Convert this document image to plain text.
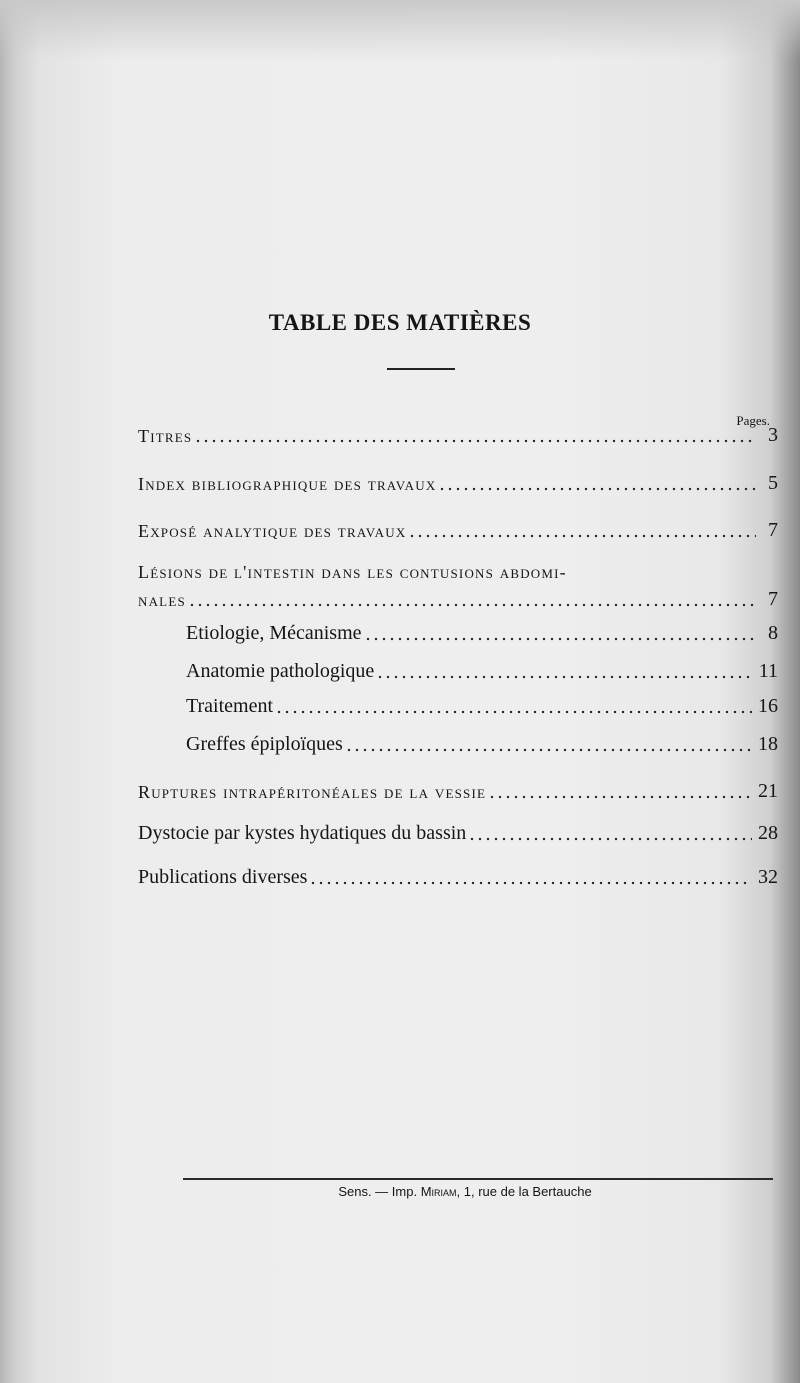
TABLE DES MATIÈRES
Pages.
Titres	3
Index bibliographique des travaux	5
Exposé analytique des travaux	7
Lésions de l'intestin dans les contusions abdomi-
nales	7
Etiologie, Mécanisme	8
Anatomie pathologique	11
Traitement	16
Greffes épiploïques	18
Ruptures intrapéritonéales de la vessie	21
Dystocie par kystes hydatiques du bassin	28
Publications diverses	32
Sens. — Imp. Miriam, 1, rue de la Bertauche
